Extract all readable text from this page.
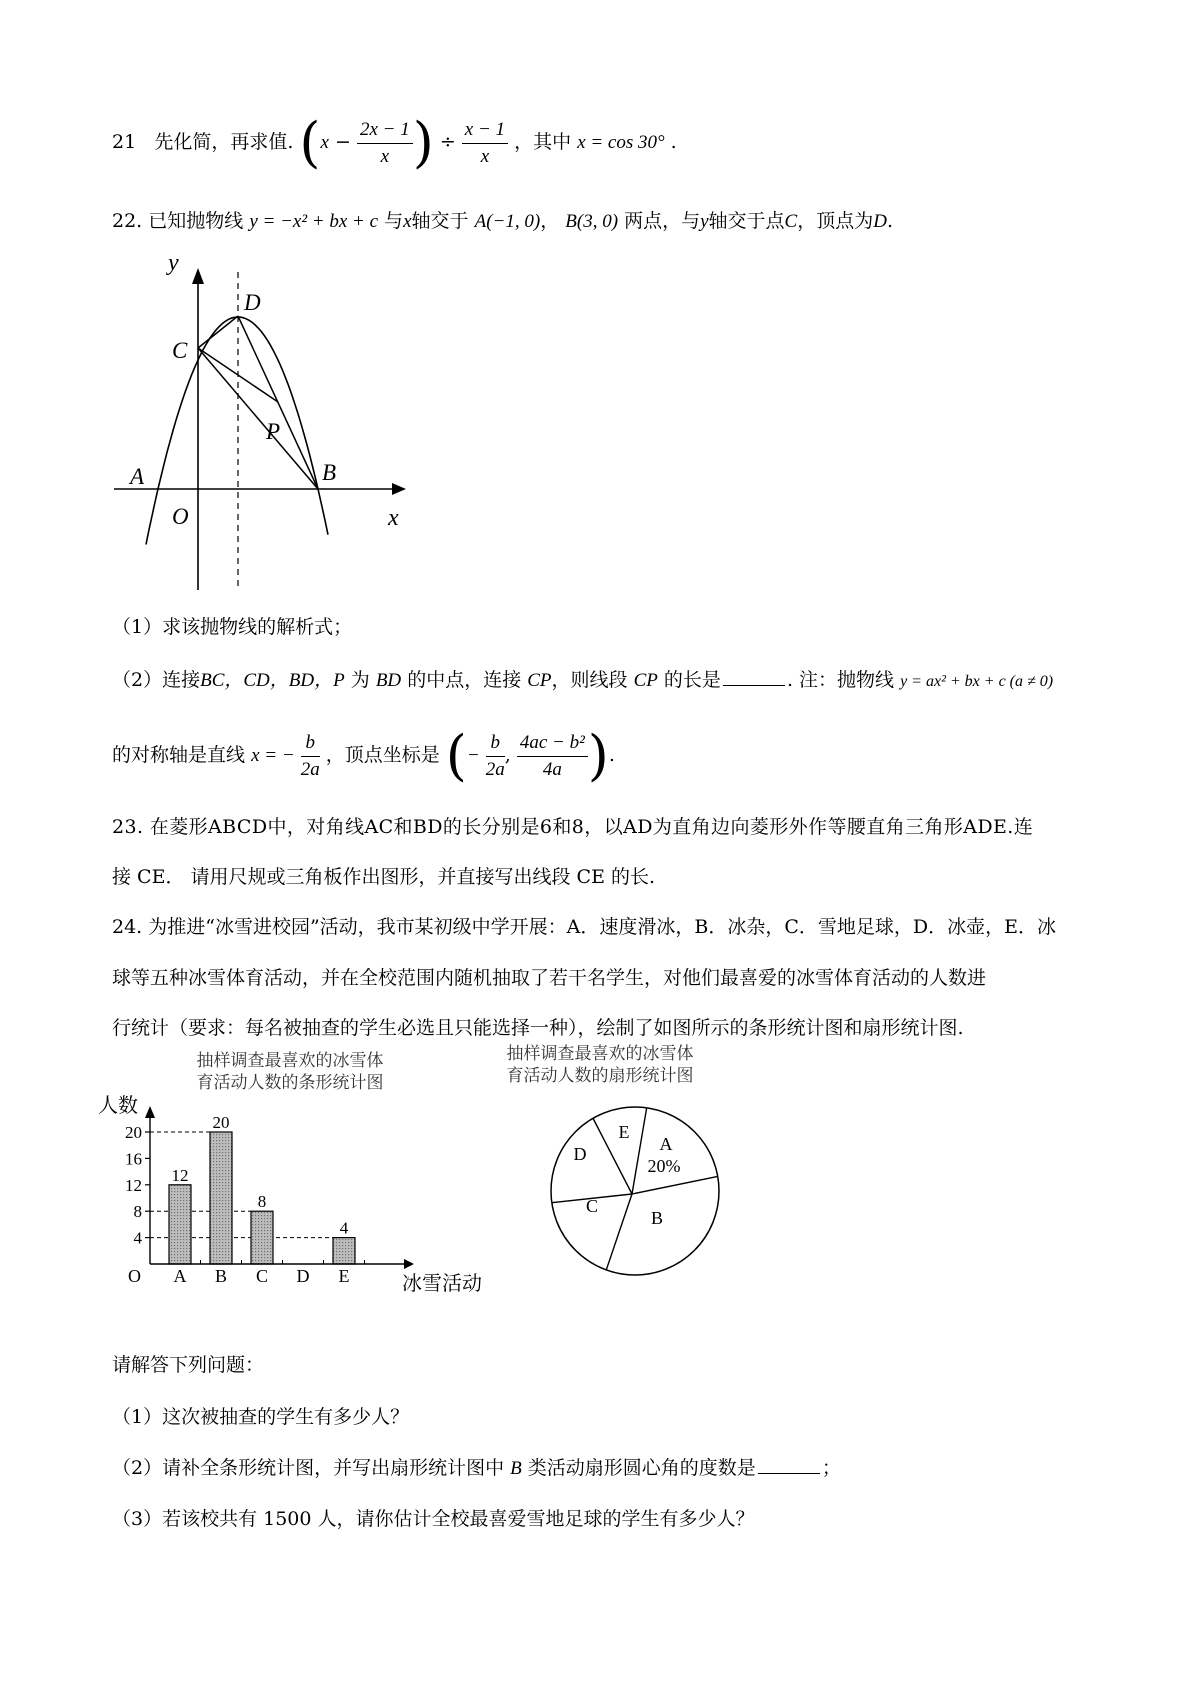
21 先化简，再求值. ($x - \frac{2x - 1}{x}$ ) ÷ $\frac{x - 1}{x}$ ，其中 x = cos 30° .
22. 已知抛物线 y = −x² + bx + c 与x轴交于 A(−1, 0)， B(3, 0) 两点，与y轴交于点C，顶点为D.
y
x
O
A	B
C
D
P
（1）求该抛物线的解析式；
（2）连接BC，CD，BD，P 为 BD 的中点，连接 CP，则线段 CP 的长是	. 注：抛物线 y = ax² + bx + c (a ≠ 0)
的对称轴是直线 x = − $\frac{b}{2a}$ ，顶点坐标是 (− $\frac{b}{2a}$ , $\frac{\text{4ac − b²}}{4a}$ ).
23. 在菱形ABCD中，对角线AC和BD的长分别是6和8，以AD为直角边向菱形外作等腰直角三角形ADE.连
接 CE． 请用尺规或三角板作出图形，并直接写出线段 CE 的长.
24. 为推进“冰雪进校园”活动，我市某初级中学开展：A．速度滑冰，B．冰杂，C．雪地足球，D．冰壶，E．冰
球等五种冰雪体育活动，并在全校范围内随机抽取了若干名学生，对他们最喜爱的冰雪体育活动的人数进
行统计（要求：每名被抽查的学生必选且只能选择一种），绘制了如图所示的条形统计图和扇形统计图.
抽样调查最喜欢的冰雪体
育活动人数的条形统计图
抽样调查最喜欢的冰雪体
育活动人数的扇形统计图
人数
冰雪活动
O
4
8
12
16
20
A
12
B
20
C
8
D E
4
A
B
C
D
E
20%
请解答下列问题：
（1）这次被抽查的学生有多少人？
（2）请补全条形统计图，并写出扇形统计图中 B 类活动扇形圆心角的度数是	；
（3）若该校共有 1500 人，请你估计全校最喜爱雪地足球的学生有多少人？
